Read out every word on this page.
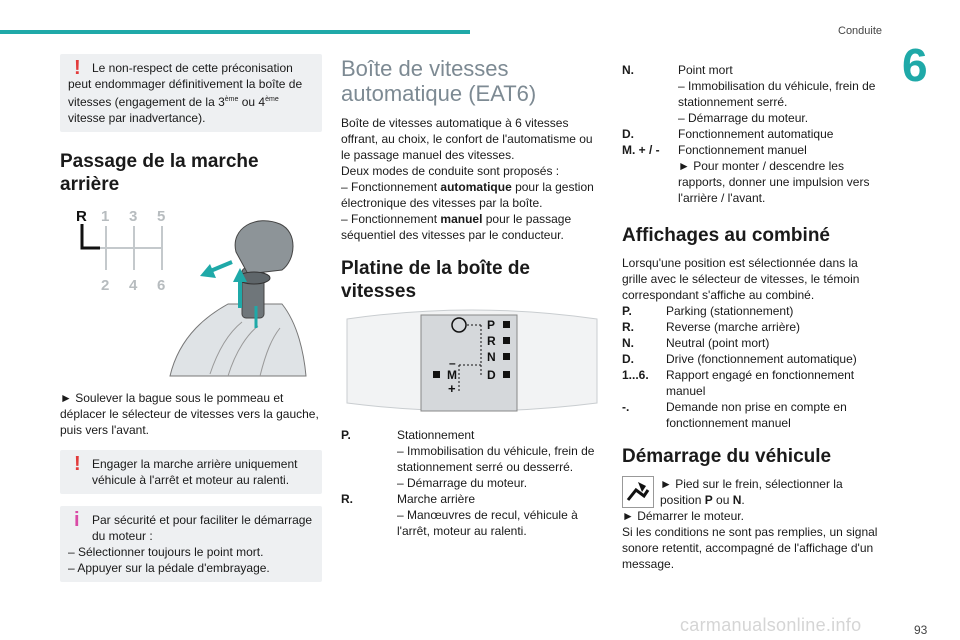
Conduite
6
! Le non-respect de cette préconisation peut endommager définitivement la boîte de vitesses (engagement de la 3ème ou 4ème vitesse par inadvertance).

Passage de la marche
arrière
R 1 3 5
2 4 6

► Soulever la bague sous le pommeau et déplacer le sélecteur de vitesses vers la gauche, puis vers l'avant.

! Engager la marche arrière uniquement véhicule à l'arrêt et moteur au ralenti.

i	Par sécurité et pour faciliter le démarrage du moteur :

– Sélectionner toujours le point mort.

– Appuyer sur la pédale d'embrayage.

Boîte de vitesses
automatique (EAT6)

Boîte de vitesses automatique à 6 vitesses offrant, au choix, le confort de l'automatisme ou le passage manuel des vitesses.

Deux modes de conduite sont proposés :

– Fonctionnement automatique pour la gestion électronique des vitesses par la boîte.

– Fonctionnement manuel pour le passage séquentiel des vitesses par le conducteur.

Platine de la boîte de
vitesses
P
R
N
D
M
–
+
P.	Stationnement

– Immobilisation du véhicule, frein de stationnement serré ou desserré.

– Démarrage du moteur.

R.	Marche arrière

– Manœuvres de recul, véhicule à l'arrêt, moteur au ralenti.

N.	Point mort

– Immobilisation du véhicule, frein de stationnement serré.

– Démarrage du moteur.

D.	Fonctionnement automatique

M. + / -	Fonctionnement manuel

► Pour monter / descendre les rapports, donner une impulsion vers l'arrière / l'avant.

Affichages au combiné

Lorsqu'une position est sélectionnée dans la grille avec le sélecteur de vitesses, le témoin correspondant s'affiche au combiné.

P.	Parking (stationnement)

R.	Reverse (marche arrière)

N.	Neutral (point mort)

D.	Drive (fonctionnement automatique)

1...6.	Rapport engagé en fonctionnement manuel

-.	Demande non prise en compte en fonctionnement manuel

Démarrage du véhicule

► Pied sur le frein, sélectionner la position P ou N.

► Démarrer le moteur.

Si les conditions ne sont pas remplies, un signal sonore retentit, accompagné de l'affichage d'un message.

carmanualsonline.info	93
